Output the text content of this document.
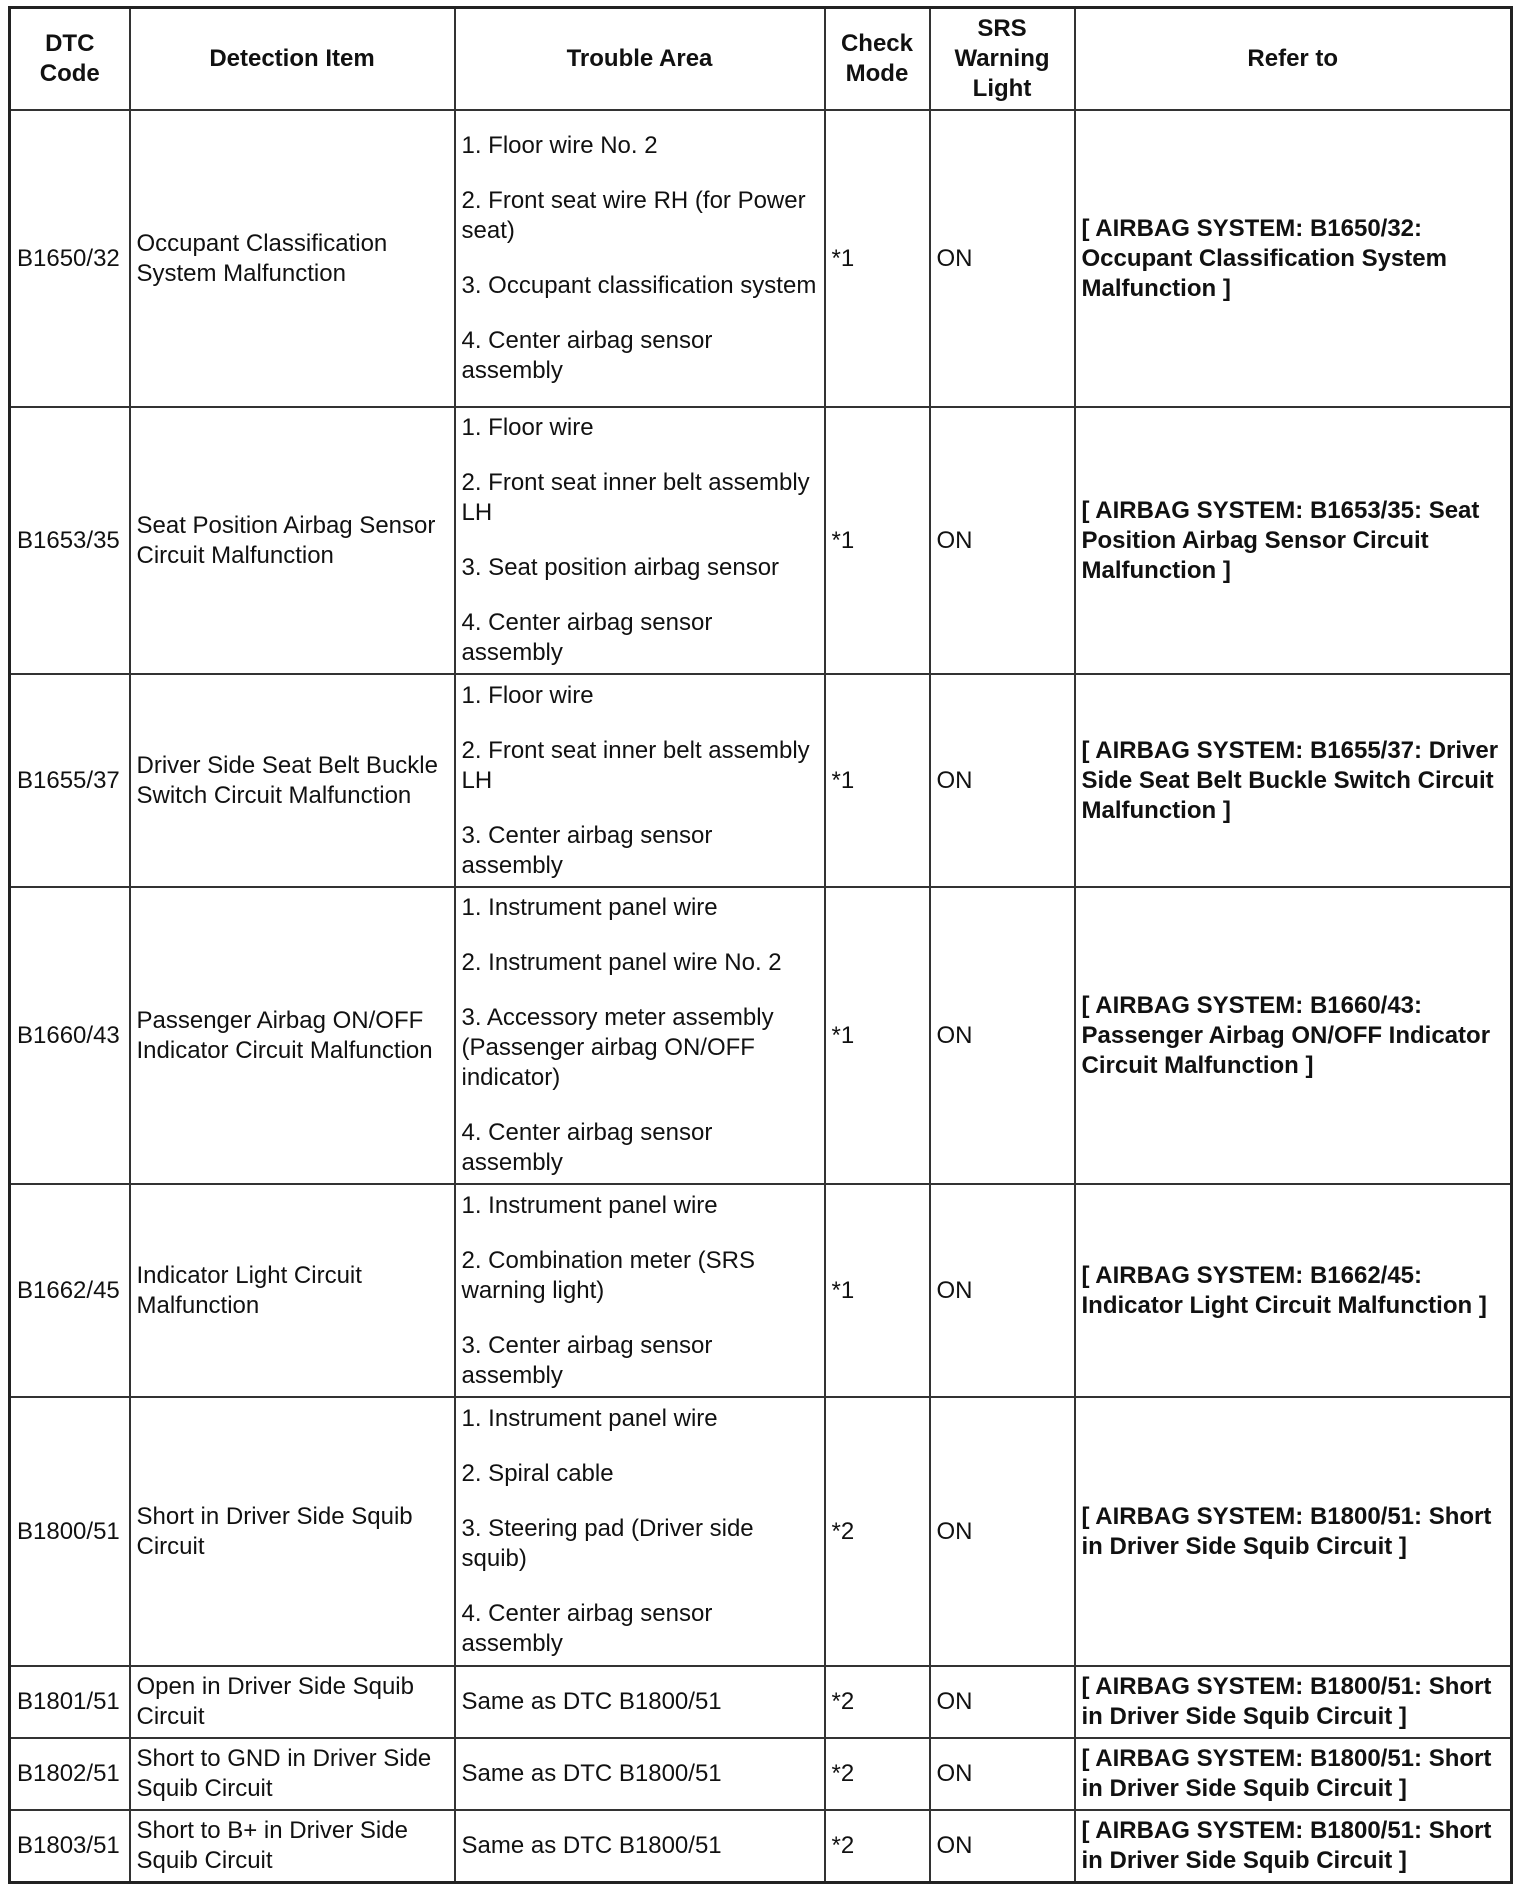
DTC Code	Detection Item	Trouble Area	Check Mode	SRS Warning Light	Refer to
B1650/32	Occupant Classification System Malfunction	1. Floor wire No. 2
2. Front seat wire RH (for Power seat)
3. Occupant classification system
4. Center airbag sensor assembly	*1	ON	[ AIRBAG SYSTEM: B1650/32: Occupant Classification System Malfunction ]
B1653/35	Seat Position Airbag Sensor Circuit Malfunction	1. Floor wire
2. Front seat inner belt assembly LH
3. Seat position airbag sensor
4. Center airbag sensor assembly	*1	ON	[ AIRBAG SYSTEM: B1653/35: Seat Position Airbag Sensor Circuit Malfunction ]
B1655/37	Driver Side Seat Belt Buckle Switch Circuit Malfunction	1. Floor wire
2. Front seat inner belt assembly LH
3. Center airbag sensor assembly	*1	ON	[ AIRBAG SYSTEM: B1655/37: Driver Side Seat Belt Buckle Switch Circuit Malfunction ]
B1660/43	Passenger Airbag ON/OFF Indicator Circuit Malfunction	1. Instrument panel wire
2. Instrument panel wire No. 2
3. Accessory meter assembly (Passenger airbag ON/OFF indicator)
4. Center airbag sensor assembly	*1	ON	[ AIRBAG SYSTEM: B1660/43: Passenger Airbag ON/OFF Indicator Circuit Malfunction ]
B1662/45	Indicator Light Circuit Malfunction	1. Instrument panel wire
2. Combination meter (SRS warning light)
3. Center airbag sensor assembly	*1	ON	[ AIRBAG SYSTEM: B1662/45: Indicator Light Circuit Malfunction ]
B1800/51	Short in Driver Side Squib Circuit	1. Instrument panel wire
2. Spiral cable
3. Steering pad (Driver side squib)
4. Center airbag sensor assembly	*2	ON	[ AIRBAG SYSTEM: B1800/51: Short in Driver Side Squib Circuit ]
B1801/51	Open in Driver Side Squib Circuit	Same as DTC B1800/51	*2	ON	[ AIRBAG SYSTEM: B1800/51: Short in Driver Side Squib Circuit ]
B1802/51	Short to GND in Driver Side Squib Circuit	Same as DTC B1800/51	*2	ON	[ AIRBAG SYSTEM: B1800/51: Short in Driver Side Squib Circuit ]
B1803/51	Short to B+ in Driver Side Squib Circuit	Same as DTC B1800/51	*2	ON	[ AIRBAG SYSTEM: B1800/51: Short in Driver Side Squib Circuit ]
